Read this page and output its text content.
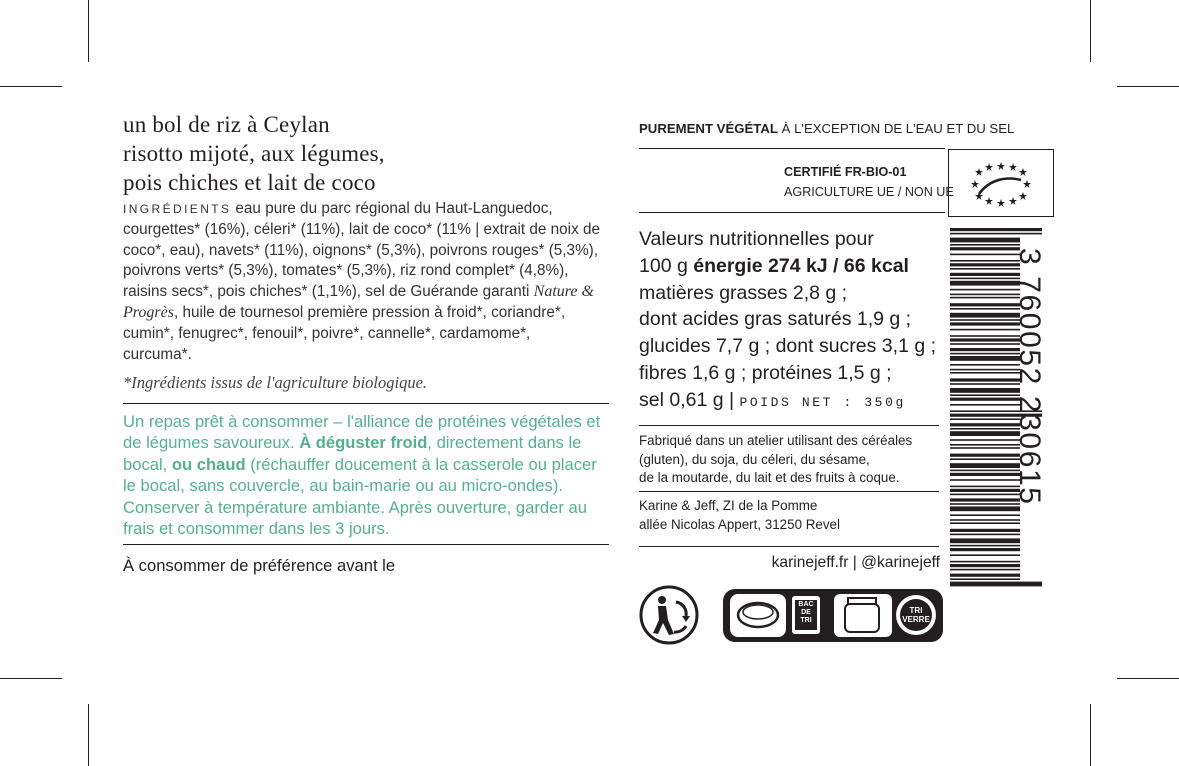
un bol de riz à Ceylan
risotto mijoté, aux légumes,
pois chiches et lait de coco
INGRÉDIENTS eau pure du parc régional du Haut-Languedoc, courgettes* (16%), céleri* (11%), lait de coco* (11% | extrait de noix de coco*, eau), navets* (11%), oignons* (5,3%), poivrons rouges* (5,3%), poivrons verts* (5,3%), tomates* (5,3%), riz rond complet* (4,8%), raisins secs*, pois chiches* (1,1%), sel de Guérande garanti Nature & Progrès, huile de tournesol première pression à froid*, coriandre*, cumin*, fenugrec*, fenouil*, poivre*, cannelle*, cardamome*, curcuma*.
*Ingrédients issus de l'agriculture biologique.
Un repas prêt à consommer – l'alliance de protéines végétales et de légumes savoureux. À déguster froid, directement dans le bocal, ou chaud (réchauffer doucement à la casserole ou placer le bocal, sans couvercle, au bain-marie ou au micro-ondes). Conserver à température ambiante. Après ouverture, garder au frais et consommer dans les 3 jours.
À consommer de préférence avant le
PUREMENT VÉGÉTAL À L'EXCEPTION DE L'EAU ET DU SEL
CERTIFIÉ FR-BIO-01
AGRICULTURE UE / NON UE
Valeurs nutritionnelles pour
100 g énergie 274 kJ / 66 kcal
matières grasses 2,8 g ;
dont acides gras saturés 1,9 g ;
glucides 7,7 g ; dont sucres 3,1 g ;
fibres 1,6 g ; protéines 1,5 g ;
sel 0,61 g | POIDS NET : 350g
Fabriqué dans un atelier utilisant des céréales
(gluten), du soja, du céleri, du sésame,
de la moutarde, du lait et des fruits à coque.
Karine & Jeff, ZI de la Pomme
allée Nicolas Appert, 31250 Revel
karinejeff.fr | @karinejeff
BAC DE TRI
TRI VERRE
3 760052 230615
